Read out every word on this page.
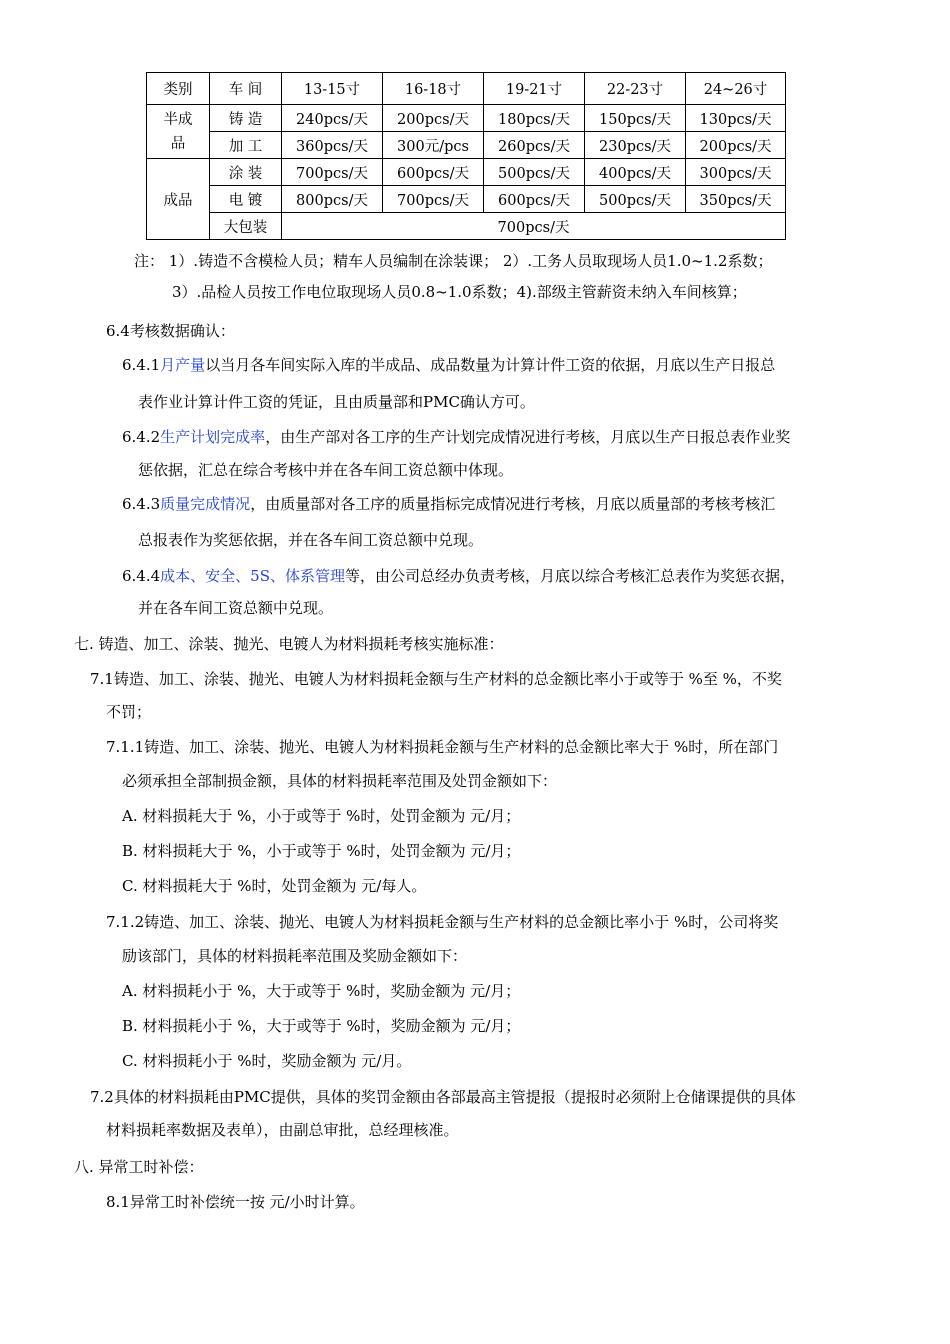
类别	车 间	13-15寸	16-18寸	19-21寸	22-23寸	24~26寸
半成品	铸 造	240pcs/天	200pcs/天	180pcs/天	150pcs/天	130pcs/天
	加 工	360pcs/天	300元/pcs	260pcs/天	230pcs/天	200pcs/天
成品	涂 装	700pcs/天	600pcs/天	500pcs/天	400pcs/天	300pcs/天
	电 镀	800pcs/天	700pcs/天	600pcs/天	500pcs/天	350pcs/天
	大包装	700pcs/天				
注： 1）.铸造不含模检人员；精车人员编制在涂装课； 2）.工务人员取现场人员1.0~1.2系数；
3）.品检人员按工作电位取现场人员0.8~1.0系数；4).部级主管薪资未纳入车间核算；
6.4考核数据确认：
6.4.1月产量以当月各车间实际入库的半成品、成品数量为计算计件工资的依据，月底以生产日报总
表作业计算计件工资的凭证，且由质量部和PMC确认方可。
6.4.2生产计划完成率，由生产部对各工序的生产计划完成情况进行考核，月底以生产日报总表作业奖
惩依据，汇总在综合考核中并在各车间工资总额中体现。
6.4.3质量完成情况，由质量部对各工序的质量指标完成情况进行考核，月底以质量部的考核考核汇
总报表作为奖惩依据，并在各车间工资总额中兑现。
6.4.4成本、安全、5S、体系管理等，由公司总经办负责考核，月底以综合考核汇总表作为奖惩衣据，
并在各车间工资总额中兑现。
七. 铸造、加工、涂装、抛光、电镀人为材料损耗考核实施标准：
7.1铸造、加工、涂装、抛光、电镀人为材料损耗金额与生产材料的总金额比率小于或等于 %至 %，不奖
不罚；
7.1.1铸造、加工、涂装、抛光、电镀人为材料损耗金额与生产材料的总金额比率大于 %时，所在部门
必须承担全部制损金额，具体的材料损耗率范围及处罚金额如下：
A. 材料损耗大于 %，小于或等于 %时，处罚金额为 元/月；
B. 材料损耗大于 %，小于或等于 %时，处罚金额为 元/月；
C. 材料损耗大于 %时，处罚金额为 元/每人。
7.1.2铸造、加工、涂装、抛光、电镀人为材料损耗金额与生产材料的总金额比率小于 %时，公司将奖
励该部门，具体的材料损耗率范围及奖励金额如下：
A. 材料损耗小于 %，大于或等于 %时，奖励金额为 元/月；
B. 材料损耗小于 %，大于或等于 %时，奖励金额为 元/月；
C. 材料损耗小于 %时，奖励金额为 元/月。
7.2具体的材料损耗由PMC提供，具体的奖罚金额由各部最高主管提报（提报时必须附上仓储课提供的具体
材料损耗率数据及表单），由副总审批，总经理核准。
八. 异常工时补偿：
8.1异常工时补偿统一按 元/小时计算。
